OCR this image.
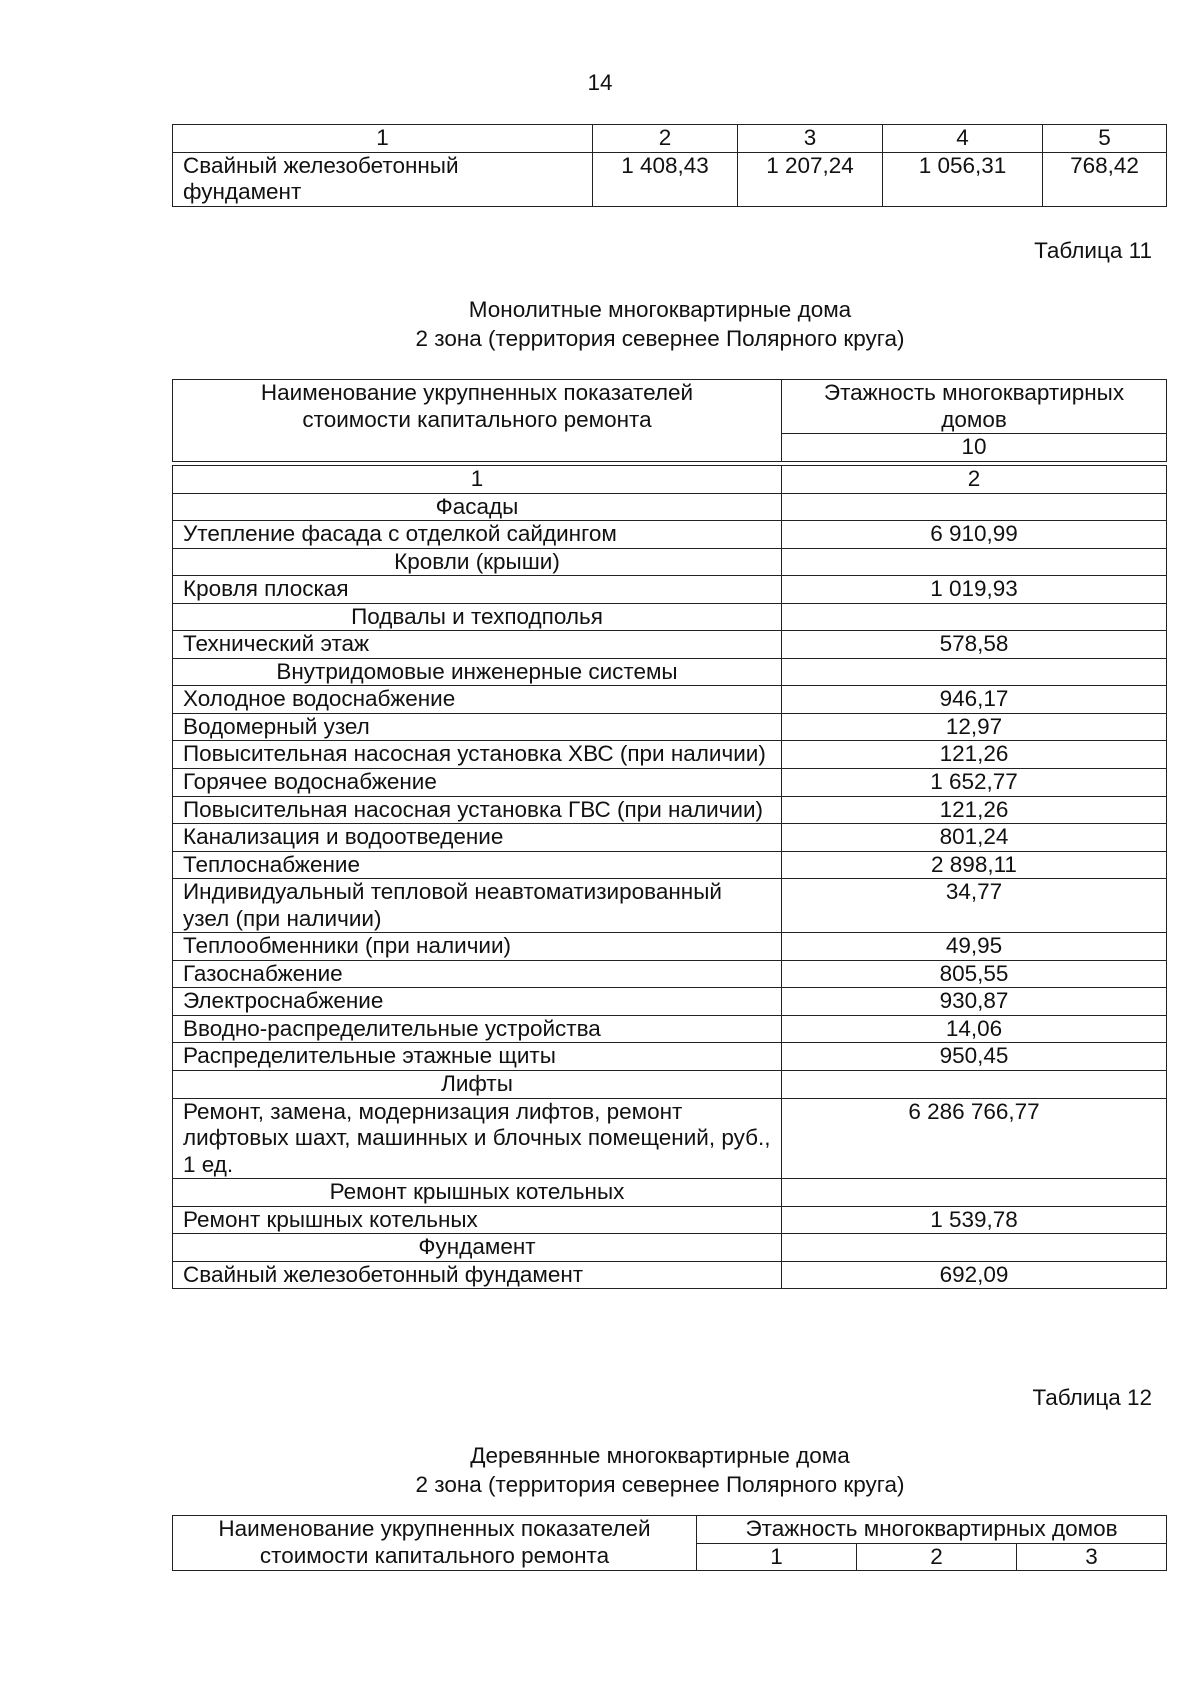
14
1	2	3	4	5
Свайный железобетонный фундамент	1 408,43	1 207,24	1 056,31	768,42
Таблица 11
Монолитные многоквартирные дома
2 зона (территория севернее Полярного круга)
Наименование укрупненных показателей стоимости капитального ремонта	Этажность многоквартирных домов
10
1	2
Фасады	
Утепление фасада с отделкой сайдингом	6 910,99
Кровли (крыши)	
Кровля плоская	1 019,93
Подвалы и техподполья	
Технический этаж	578,58
Внутридомовые инженерные системы	
Холодное водоснабжение	946,17
Водомерный узел	12,97
Повысительная насосная установка ХВС (при наличии)	121,26
Горячее водоснабжение	1 652,77
Повысительная насосная установка ГВС (при наличии)	121,26
Канализация и водоотведение	801,24
Теплоснабжение	2 898,11
Индивидуальный тепловой неавтоматизированный узел (при наличии)	34,77
Теплообменники (при наличии)	49,95
Газоснабжение	805,55
Электроснабжение	930,87
Вводно-распределительные устройства	14,06
Распределительные этажные щиты	950,45
Лифты	
Ремонт, замена, модернизация лифтов, ремонт лифтовых шахт, машинных и блочных помещений, руб., 1 ед.	6 286 766,77
Ремонт крышных котельных	
Ремонт крышных котельных	1 539,78
Фундамент	
Свайный железобетонный фундамент	692,09
Таблица 12
Деревянные многоквартирные дома
2 зона (территория севернее Полярного круга)
Наименование укрупненных показателей стоимости капитального ремонта	Этажность многоквартирных домов		
	1	2	3
